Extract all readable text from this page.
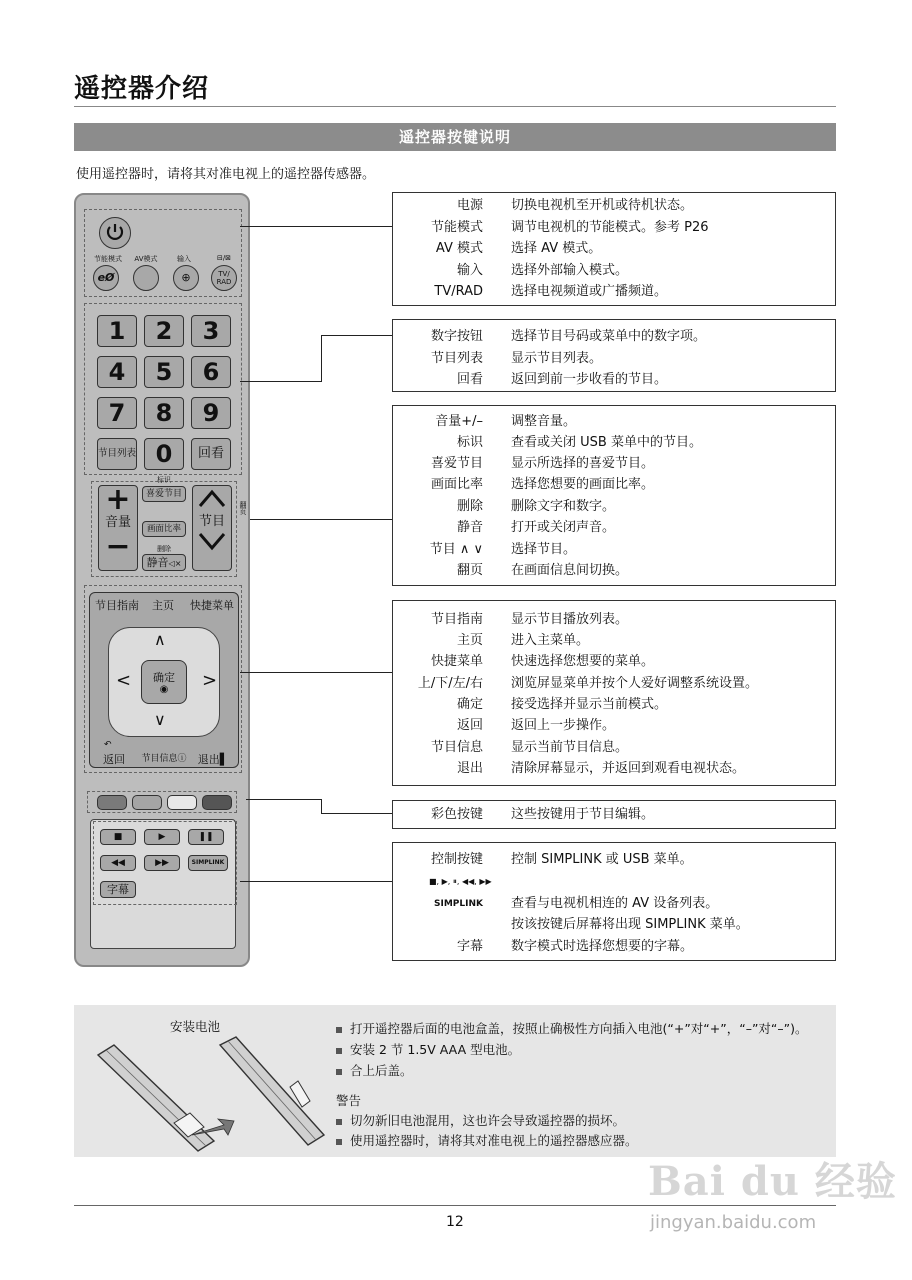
遥控器介绍
遥控器按键说明
使用遥控器时，请将其对准电视上的遥控器传感器。
节能模式	AV模式	输入	⊟/⊠
eØ	⊕	TV/
RAD
1	2	3
4	5	6
7	8	9
节目列表 0	回看
+
音量
−
标识
喜爱节目
画面比率
删除
静音◁×
节目
翻页
节目指南	主页	快捷菜单
∧
∨
<	>
确定
◉
返回
↶
节目信息ⓘ	退出▌
■	▶	❚❚
◀◀	▶▶	SIMPLINK
字幕
电源 切换电视机至开机或待机状态。
节能模式 调节电视机的节能模式。参考 P26
AV 模式 选择 AV 模式。
输入 选择外部输入模式。
TV/RAD 选择电视频道或广播频道。
数字按钮 选择节目号码或菜单中的数字项。
节目列表 显示节目列表。
回看 返回到前一步收看的节目。
音量+/– 调整音量。
标识 查看或关闭 USB 菜单中的节目。
喜爱节目 显示所选择的喜爱节目。
画面比率 选择您想要的画面比率。
删除 删除文字和数字。
静音 打开或关闭声音。
节目 ∧ ∨ 选择节目。
翻页 在画面信息间切换。
节目指南 显示节目播放列表。
主页 进入主菜单。
快捷菜单 快速选择您想要的菜单。
上/下/左/右 浏览屏显菜单并按个人爱好调整系统设置。
确定 接受选择并显示当前模式。
返回 返回上一步操作。
节目信息 显示当前节目信息。
退出 清除屏幕显示，并返回到观看电视状态。
彩色按键 这些按键用于节目编辑。
控制按键 控制 SIMPLINK 或 USB 菜单。
■, ▶, ⏸, ◀◀, ▶▶
SIMPLINK 查看与电视机相连的 AV 设备列表。
按该按键后屏幕将出现 SIMPLINK 菜单。
字幕 数字模式时选择您想要的字幕。
安装电池	打开遥控器后面的电池盒盖，按照止确极性方向插入电池(“+”对“+”，“–”对“–”)。
安装 2 节 1.5V AAA 型电池。
合上后盖。
警告
切勿新旧电池混用，这也许会导致遥控器的损坏。
使用遥控器时，请将其对准电视上的遥控器感应器。
12
Bai du 经验
jingyan.baidu.com
